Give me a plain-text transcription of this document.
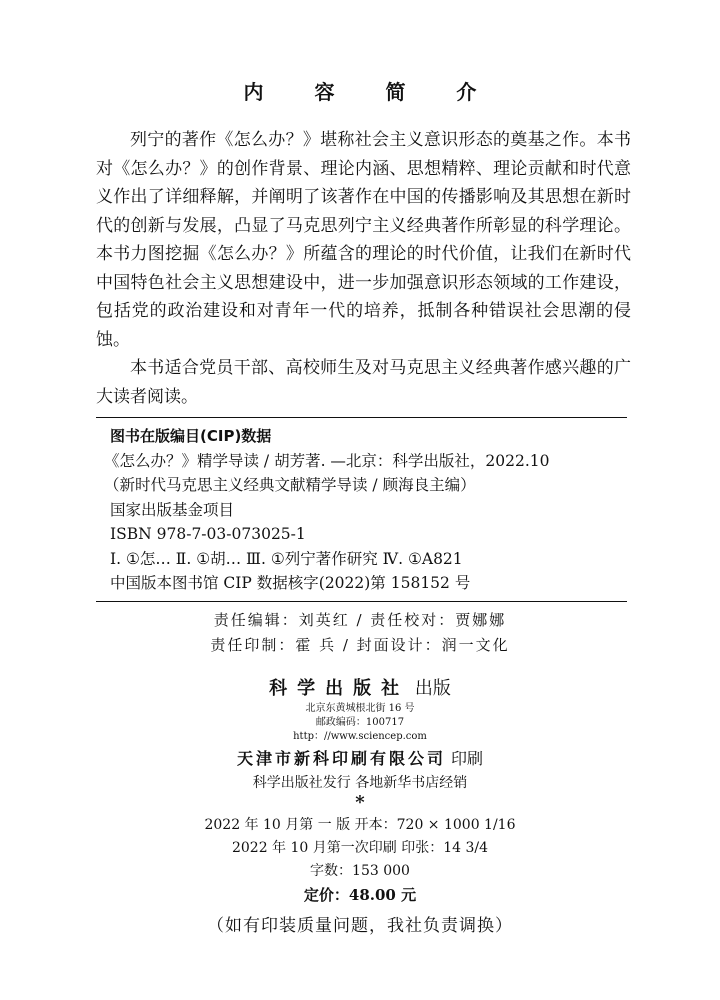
内 容 简 介

列宁的著作《怎么办？》堪称社会主义意识形态的奠基之作。本书对《怎么办？》的创作背景、理论内涵、思想精粹、理论贡献和时代意义作出了详细释解，并阐明了该著作在中国的传播影响及其思想在新时代的创新与发展，凸显了马克思列宁主义经典著作所彰显的科学理论。本书力图挖掘《怎么办？》所蕴含的理论的时代价值，让我们在新时代中国特色社会主义思想建设中，进一步加强意识形态领域的工作建设，包括党的政治建设和对青年一代的培养，抵制各种错误社会思潮的侵蚀。

本书适合党员干部、高校师生及对马克思主义经典著作感兴趣的广大读者阅读。

图书在版编目(CIP)数据
《怎么办？》精学导读 / 胡芳著. —北京：科学出版社，2022.10
（新时代马克思主义经典文献精学导读 / 顾海良主编）
国家出版基金项目
ISBN 978-7-03-073025-1
Ⅰ. ①怎… Ⅱ. ①胡… Ⅲ. ①列宁著作研究 Ⅳ. ①A821
中国版本图书馆 CIP 数据核字(2022)第 158152 号
责任编辑：刘英红 / 责任校对：贾娜娜
责任印制：霍 兵 / 封面设计：润一文化
科学出版社 出版
北京东黄城根北街 16 号
邮政编码：100717
http：//www.sciencep.com
天津市新科印刷有限公司 印刷
科学出版社发行 各地新华书店经销
*
2022 年 10 月第 一 版 开本：720 × 1000 1/16
2022 年 10 月第一次印刷 印张：14 3/4
字数：153 000
定价：48.00 元
（如有印装质量问题，我社负责调换）
